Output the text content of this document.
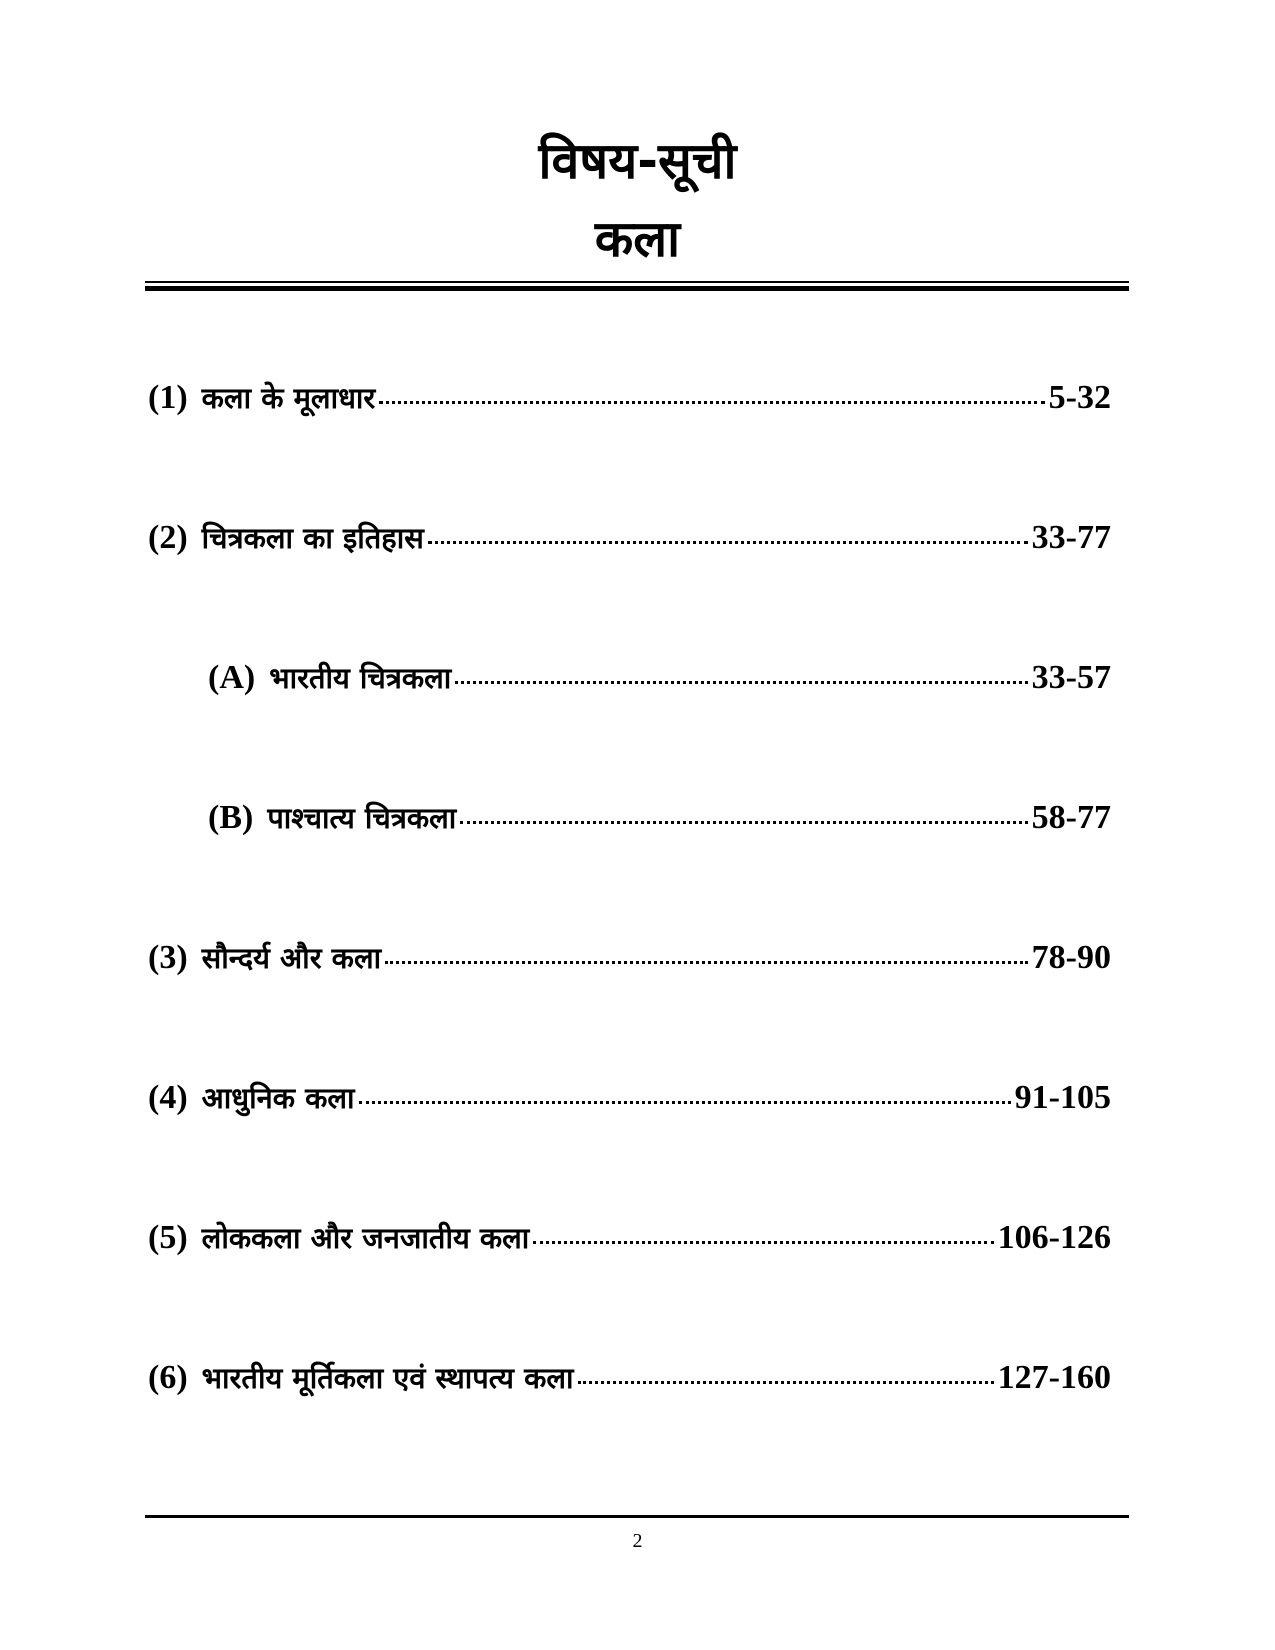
विषय-सूची
कला
(1) कला के मूलाधार	5-32
(2) चित्रकला का इतिहास	33-77
(A) भारतीय चित्रकला	33-57
(B) पाश्चात्य चित्रकला	58-77
(3) सौन्दर्य और कला	78-90
(4) आधुनिक कला	91-105
(5) लोककला और जनजातीय कला	106-126
(6) भारतीय मूर्तिकला एवं स्थापत्य कला	127-160
2
